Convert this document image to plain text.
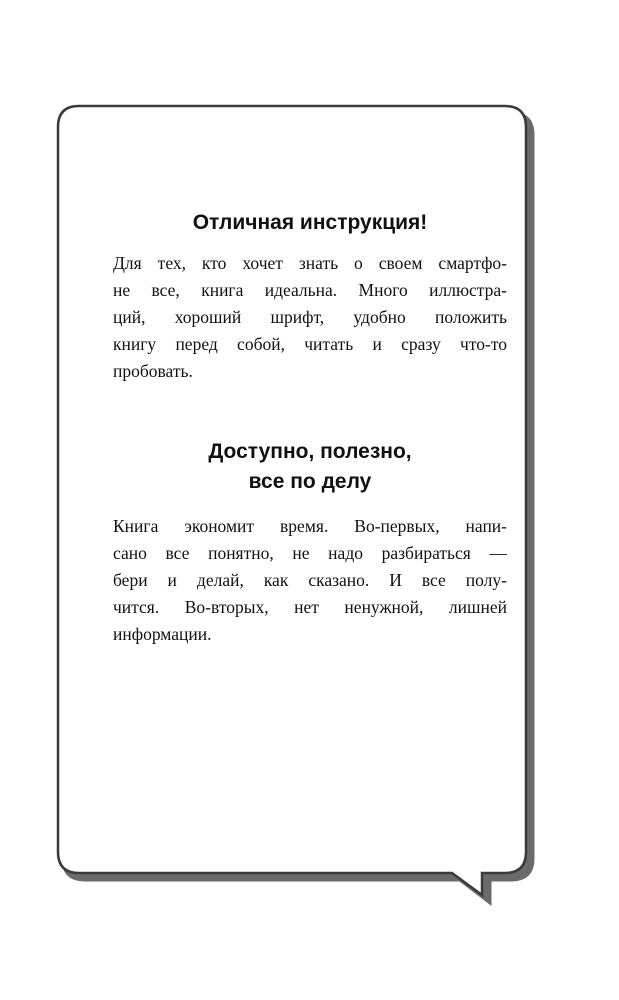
Отличная инструкция!

Для тех, кто хочет знать о своем смартфо-
не все, книга идеальна. Много иллюстра-
ций, хороший шрифт, удобно положить
книгу перед собой, читать и сразу что-то
пробовать.

Доступно, полезно,
все по делу

Книга экономит время. Во-первых, напи-
сано все понятно, не надо разбираться —
бери и делай, как сказано. И все полу-
чится. Во-вторых, нет ненужной, лишней
информации.
